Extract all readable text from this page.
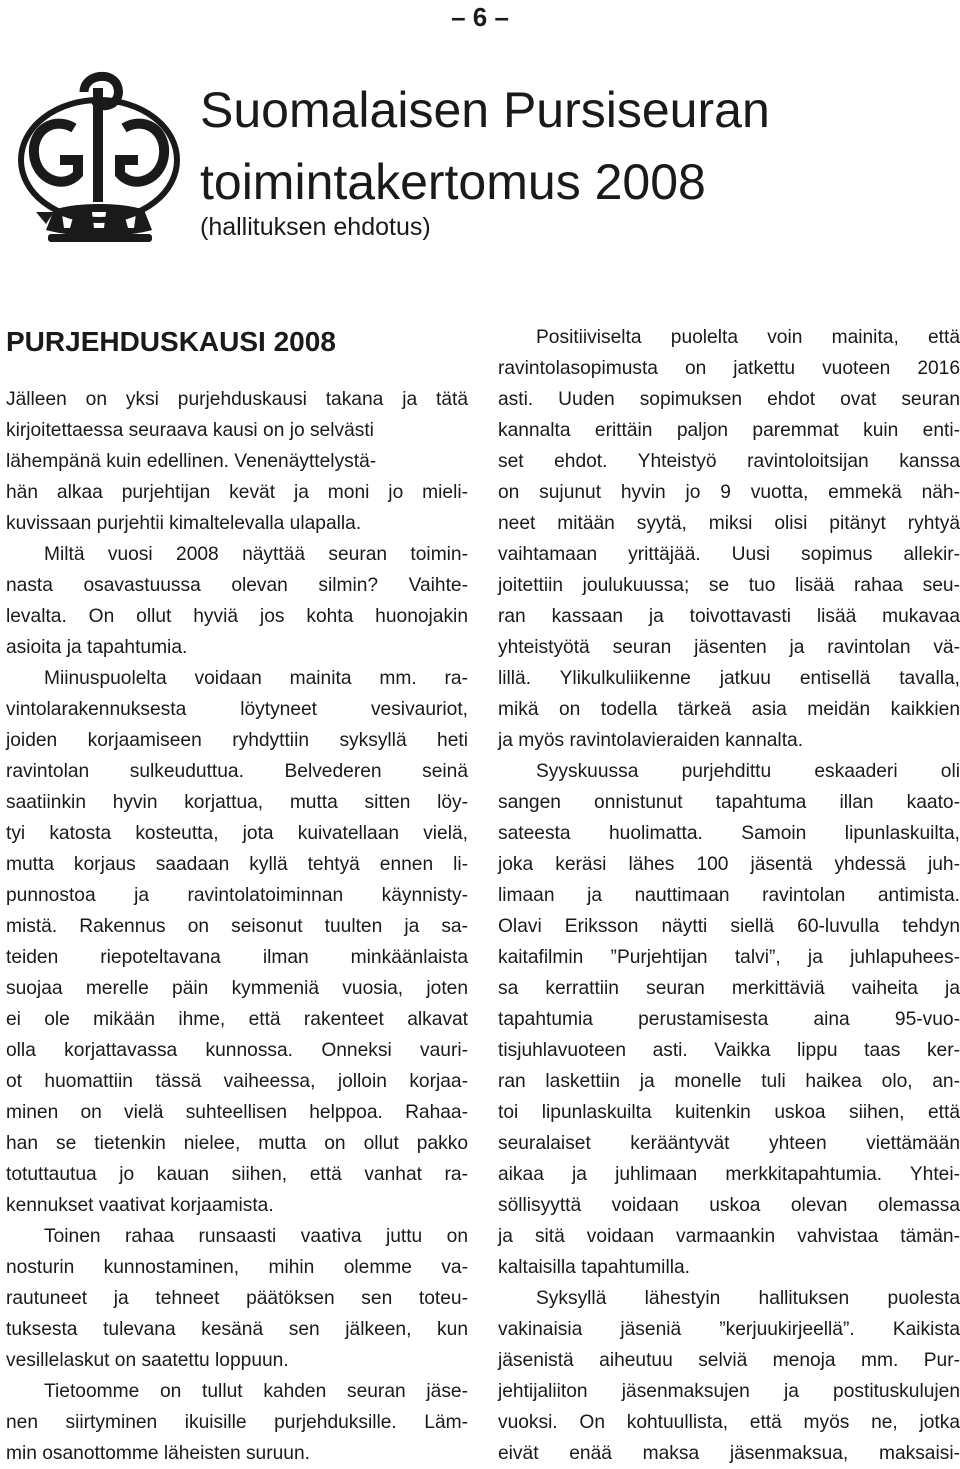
– 6 –
Suomalaisen Pursiseuran
toimintakertomus 2008
(hallituksen ehdotus)
PURJEHDUSKAUSI 2008
Jälleen on yksi purjehduskausi takana ja tätä
kirjoitettaessa seuraava kausi on jo selvästi
lähempänä kuin edellinen. Venenäyttelystä-
hän alkaa purjehtijan kevät ja moni jo mieli-
kuvissaan purjehtii kimaltelevalla ulapalla.
Miltä vuosi 2008 näyttää seuran toimin-
nasta osavastuussa olevan silmin? Vaihte-
levalta. On ollut hyviä jos kohta huonojakin
asioita ja tapahtumia.
Miinuspuolelta voidaan mainita mm. ra-
vintolarakennuksesta löytyneet vesivauriot,
joiden korjaamiseen ryhdyttiin syksyllä heti
ravintolan sulkeuduttua. Belvederen seinä
saatiinkin hyvin korjattua, mutta sitten löy-
tyi katosta kosteutta, jota kuivatellaan vielä,
mutta korjaus saadaan kyllä tehtyä ennen li-
punnostoa ja ravintolatoiminnan käynnisty-
mistä. Rakennus on seisonut tuulten ja sa-
teiden riepoteltavana ilman minkäänlaista
suojaa merelle päin kymmeniä vuosia, joten
ei ole mikään ihme, että rakenteet alkavat
olla korjattavassa kunnossa. Onneksi vauri-
ot huomattiin tässä vaiheessa, jolloin korjaa-
minen on vielä suhteellisen helppoa. Rahaa-
han se tietenkin nielee, mutta on ollut pakko
totuttautua jo kauan siihen, että vanhat ra-
kennukset vaativat korjaamista.
Toinen rahaa runsaasti vaativa juttu on
nosturin kunnostaminen, mihin olemme va-
rautuneet ja tehneet päätöksen sen toteu-
tuksesta tulevana kesänä sen jälkeen, kun
vesillelaskut on saatettu loppuun.
Tietoomme on tullut kahden seuran jäse-
nen siirtyminen ikuisille purjehduksille. Läm-
min osanottomme läheisten suruun.
Positiiviselta puolelta voin mainita, että
ravintolasopimusta on jatkettu vuoteen 2016
asti. Uuden sopimuksen ehdot ovat seuran
kannalta erittäin paljon paremmat kuin enti-
set ehdot. Yhteistyö ravintoloitsijan kanssa
on sujunut hyvin jo 9 vuotta, emmekä näh-
neet mitään syytä, miksi olisi pitänyt ryhtyä
vaihtamaan yrittäjää. Uusi sopimus allekir-
joitettiin joulukuussa; se tuo lisää rahaa seu-
ran kassaan ja toivottavasti lisää mukavaa
yhteistyötä seuran jäsenten ja ravintolan vä-
lillä. Ylikulkuliikenne jatkuu entisellä tavalla,
mikä on todella tärkeä asia meidän kaikkien
ja myös ravintolavieraiden kannalta.
Syyskuussa purjehdittu eskaaderi oli
sangen onnistunut tapahtuma illan kaato-
sateesta huolimatta. Samoin lipunlaskuilta,
joka keräsi lähes 100 jäsentä yhdessä juh-
limaan ja nauttimaan ravintolan antimista.
Olavi Eriksson näytti siellä 60-luvulla tehdyn
kaitafilmin ”Purjehtijan talvi”, ja juhlapuhees-
sa kerrattiin seuran merkittäviä vaiheita ja
tapahtumia perustamisesta aina 95-vuo-
tisjuhlavuoteen asti. Vaikka lippu taas ker-
ran laskettiin ja monelle tuli haikea olo, an-
toi lipunlaskuilta kuitenkin uskoa siihen, että
seuralaiset kerääntyvät yhteen viettämään
aikaa ja juhlimaan merkkitapahtumia. Yhtei-
söllisyyttä voidaan uskoa olevan olemassa
ja sitä voidaan varmaankin vahvistaa tämän-
kaltaisilla tapahtumilla.
Syksyllä lähestyin hallituksen puolesta
vakinaisia jäseniä ”kerjuukirjeellä”. Kaikista
jäsenistä aiheutuu selviä menoja mm. Pur-
jehtijaliiton jäsenmaksujen ja postituskulujen
vuoksi. On kohtuullista, että myös ne, jotka
eivät enää maksa jäsenmaksua, maksaisi-
